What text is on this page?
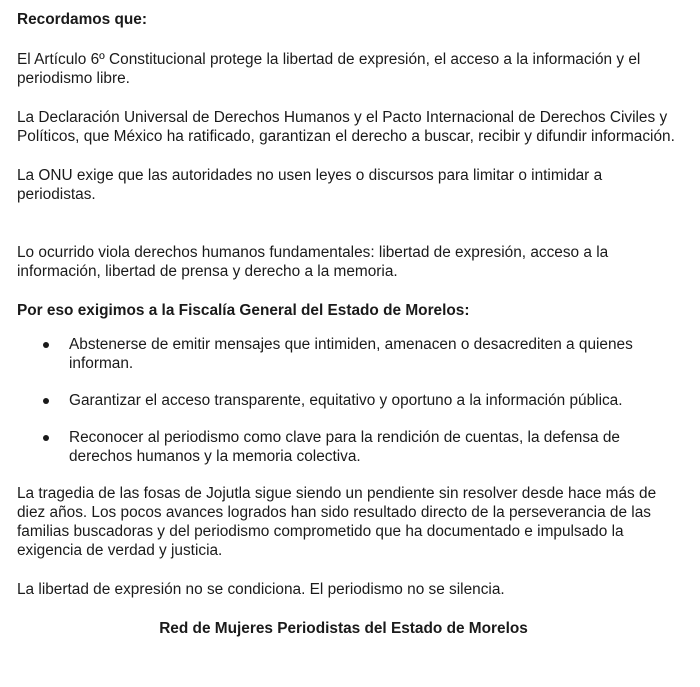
Recordamos que:

El Artículo 6º Constitucional protege la libertad de expresión, el acceso a la información y el periodismo libre.

La Declaración Universal de Derechos Humanos y el Pacto Internacional de Derechos Civiles y Políticos, que México ha ratificado, garantizan el derecho a buscar, recibir y difundir información.

La ONU exige que las autoridades no usen leyes o discursos para limitar o intimidar a periodistas.

Lo ocurrido viola derechos humanos fundamentales: libertad de expresión, acceso a la información, libertad de prensa y derecho a la memoria.

Por eso exigimos a la Fiscalía General del Estado de Morelos:

Abstenerse de emitir mensajes que intimiden, amenacen o desacrediten a quienes informan.
Garantizar el acceso transparente, equitativo y oportuno a la información pública.
Reconocer al periodismo como clave para la rendición de cuentas, la defensa de derechos humanos y la memoria colectiva.

La tragedia de las fosas de Jojutla sigue siendo un pendiente sin resolver desde hace más de diez años. Los pocos avances logrados han sido resultado directo de la perseverancia de las familias buscadoras y del periodismo comprometido que ha documentado e impulsado la exigencia de verdad y justicia.

La libertad de expresión no se condiciona. El periodismo no se silencia.

Red de Mujeres Periodistas del Estado de Morelos
